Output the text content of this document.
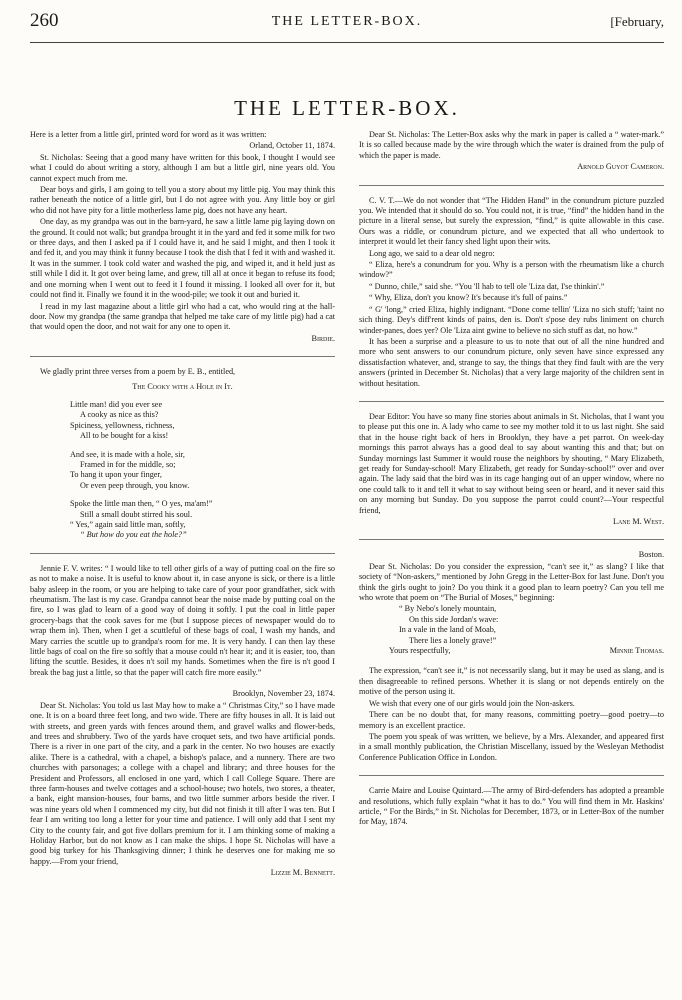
260	THE LETTER-BOX.	[February,
THE LETTER-BOX.

Here is a letter from a little girl, printed word for word as it was written:

Orland, October 11, 1874.

St. Nicholas: Seeing that a good many have written for this book, I thought I would see what I could do about writing a story, although I am but a little girl, nine years old. You cannot expect much from me.

Dear boys and girls, I am going to tell you a story about my little pig. You may think this rather beneath the notice of a little girl, but I do not agree with you. Any little boy or girl who did not have pity for a little motherless lame pig, does not have any heart.

One day, as my grandpa was out in the barn-yard, he saw a little lame pig laying down on the ground. It could not walk; but grandpa brought it in the yard and fed it some milk for two or three days, and then I asked pa if I could have it, and he said I might, and then I took it and fed it, and you may think it funny because I took the dish that I fed it with and washed it. It was in the summer. I took cold water and washed the pig, and wiped it, and it held just as still while I did it. It got over being lame, and grew, till all at once it began to refuse its food; and one morning when I went out to feed it I found it missing. I looked all over for it, but could not find it. Finally we found it in the wood-pile; we took it out and buried it.

I read in my last magazine about a little girl who had a cat, who would ring at the hall-door. Now my grandpa (the same grandpa that helped me take care of my little pig) had a cat that would open the door, and not wait for any one to open it.

Birdie.

We gladly print three verses from a poem by E. B., entitled,

The Cooky with a Hole in It.
Little man! did you ever see
A cooky as nice as this?
Spiciness, yellowness, richness,
All to be bought for a kiss!
And see, it is made with a hole, sir,
Framed in for the middle, so;
To hang it upon your finger,
Or even peep through, you know.
Spoke the little man then, “ O yes, ma'am!”
Still a small doubt stirred his soul.
“ Yes,” again said little man, softly,
“ But how do you eat the hole?”

Jennie F. V. writes: “ I would like to tell other girls of a way of putting coal on the fire so as not to make a noise. It is useful to know about it, in case anyone is sick, or there is a little baby asleep in the room, or you are helping to take care of your poor grandfather, sick with rheumatism. The last is my case. Grandpa cannot bear the noise made by putting coal on the fire, so I was glad to learn of a good way of doing it softly. I put the coal in little paper grocery-bags that the cook saves for me (but I suppose pieces of newspaper would do to wrap them in). Then, when I get a scuttleful of these bags of coal, I wash my hands, and Mary carries the scuttle up to grandpa's room for me. It is very handy. I can then lay these little bags of coal on the fire so softly that a mouse could n't hear it; and it is easier, too, than lifting the scuttle. Besides, it does n't soil my hands. Sometimes when the fire is n't good I break the bag just a little, so that the paper will catch fire more easily.”

Brooklyn, November 23, 1874.

Dear St. Nicholas: You told us last May how to make a “ Christmas City,” so I have made one. It is on a board three feet long, and two wide. There are fifty houses in all. It is laid out with streets, and green yards with fences around them, and gravel walks and flower-beds, and trees and shrubbery. Two of the yards have croquet sets, and two have artificial ponds. There is a river in one part of the city, and a park in the center. No two houses are exactly alike. There is a cathedral, with a chapel, a bishop's palace, and a nunnery. There are two churches with parsonages; a college with a chapel and library; and three houses for the President and Professors, all enclosed in one yard, which I call College Square. There are three farm-houses and twelve cottages and a school-house; two hotels, two stores, a theater, a bank, eight mansion-houses, four barns, and two little summer arbors beside the river. I was nine years old when I commenced my city, but did not finish it till after I was ten. But I fear I am writing too long a letter for your time and patience. I will only add that I sent my City to the county fair, and got five dollars premium for it. I am thinking some of making a Holiday Harbor, but do not know as I can make the ships. I hope St. Nicholas will have a good big turkey for his Thanksgiving dinner; I think he deserves one for making me so happy.—From your friend,

Lizzie M. Bennett.

Dear St. Nicholas: The Letter-Box asks why the mark in paper is called a “ water-mark.” It is so called because made by the wire through which the water is drained from the pulp of which the paper is made.

Arnold Guyot Cameron.

C. V. T.—We do not wonder that “The Hidden Hand” in the conundrum picture puzzled you. We intended that it should do so. You could not, it is true, “find” the hidden hand in the picture in a literal sense, but surely the expression, “find,” is quite allowable in this case. Ours was a riddle, or conundrum picture, and we expected that all who undertook to interpret it would let their fancy shed light upon their wits.

Long ago, we said to a dear old negro:

“ Eliza, here's a conundrum for you. Why is a person with the rheumatism like a church window?”

“ Dunno, chile,” said she. “You 'll hab to tell ole 'Liza dat, I'se thinkin'.”

“ Why, Eliza, don't you know? It's because it's full of pains.”

“ G' 'long,” cried Eliza, highly indignant. “Done come tellin' 'Liza no sich stuff; 'taint no sich thing. Dey's diff'rent kinds of pains, den is. Don't s'pose dey rubs liniment on church winder-panes, does yer? Ole 'Liza aint gwine to believe no sich stuff as dat, no how.”

It has been a surprise and a pleasure to us to note that out of all the nine hundred and more who sent answers to our conundrum picture, only seven have since expressed any dissatisfaction whatever, and, strange to say, the things that they find fault with are the very answers (printed in December St. Nicholas) that a very large majority of the children sent in without hesitation.

Dear Editor: You have so many fine stories about animals in St. Nicholas, that I want you to please put this one in. A lady who came to see my mother told it to us last night. She said that in the house right back of hers in Brooklyn, they have a pet parrot. On week-day mornings this parrot always has a good deal to say about wanting this and that; but on Sunday mornings last Summer it would rouse the neighbors by shouting, “ Mary Elizabeth, get ready for Sunday-school! Mary Elizabeth, get ready for Sunday-school!” over and over again. The lady said that the bird was in its cage hanging out of an upper window, where no one could talk to it and tell it what to say without being seen or heard, and it never said this on any morning but Sunday. Do you suppose the parrot could count?—Your respectful friend,

Lane M. West.

Boston.

Dear St. Nicholas: Do you consider the expression, “can't see it,” as slang? I like that society of “Non-askers,” mentioned by John Gregg in the Letter-Box for last June. Don't you think the girls ought to join? Do you think it a good plan to learn poetry? Can you tell me who wrote that poem on “The Burial of Moses,” beginning:

“ By Nebo's lonely mountain,
On this side Jordan's wave:
In a vale in the land of Moab,
There lies a lonely grave!”
Yours respectfully,	Minnie Thomas.

The expression, “can't see it,” is not necessarily slang, but it may be used as slang, and is then disagreeable to refined persons. Whether it is slang or not depends entirely on the motive of the person using it.

We wish that every one of our girls would join the Non-askers.

There can be no doubt that, for many reasons, committing poetry—good poetry—to memory is an excellent practice.

The poem you speak of was written, we believe, by a Mrs. Alexander, and appeared first in a small monthly publication, the Christian Miscellany, issued by the Wesleyan Methodist Conference Publication Office in London.

Carrie Maire and Louise Quintard.—The army of Bird-defenders has adopted a preamble and resolutions, which fully explain “what it has to do.” You will find them in Mr. Haskins' article, “ For the Birds,” in St. Nicholas for December, 1873, or in Letter-Box of the number for May, 1874.
